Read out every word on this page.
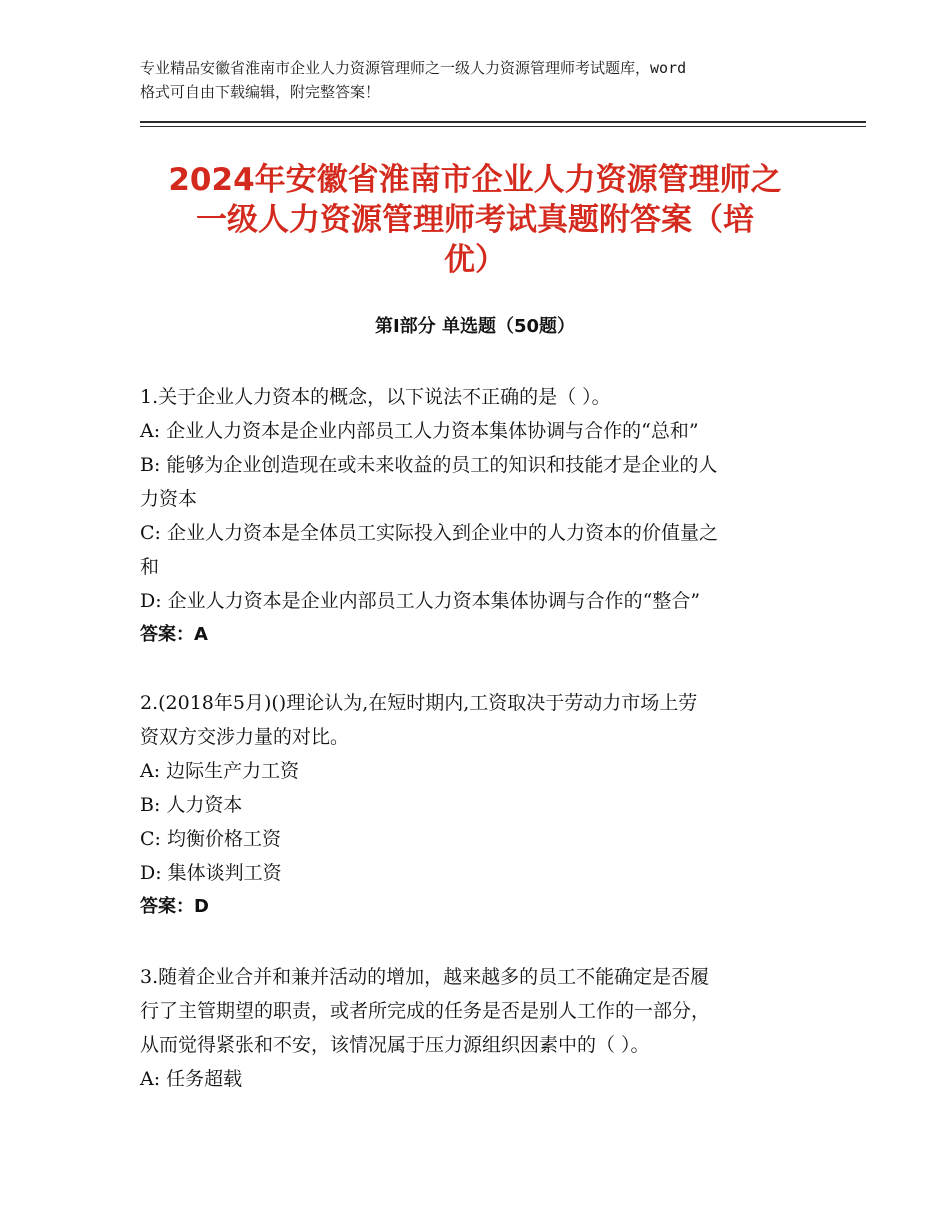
专业精品安徽省淮南市企业人力资源管理师之一级人力资源管理师考试题库，word
格式可自由下载编辑，附完整答案！
2024年安徽省淮南市企业人力资源管理师之
一级人力资源管理师考试真题附答案（培
优）
第Ⅰ部分 单选题（50题）
1.关于企业人力资本的概念，以下说法不正确的是（ ）。
A: 企业人力资本是企业内部员工人力资本集体协调与合作的“总和”
B: 能够为企业创造现在或未来收益的员工的知识和技能才是企业的人
力资本
C: 企业人力资本是全体员工实际投入到企业中的人力资本的价值量之
和
D: 企业人力资本是企业内部员工人力资本集体协调与合作的“整合”
答案：A
2.(2018年5月)()理论认为,在短时期内,工资取决于劳动力市场上劳
资双方交涉力量的对比。
A: 边际生产力工资
B: 人力资本
C: 均衡价格工资
D: 集体谈判工资
答案：D
3.随着企业合并和兼并活动的增加，越来越多的员工不能确定是否履
行了主管期望的职责，或者所完成的任务是否是别人工作的一部分，
从而觉得紧张和不安，该情况属于压力源组织因素中的（ ）。
A: 任务超载
